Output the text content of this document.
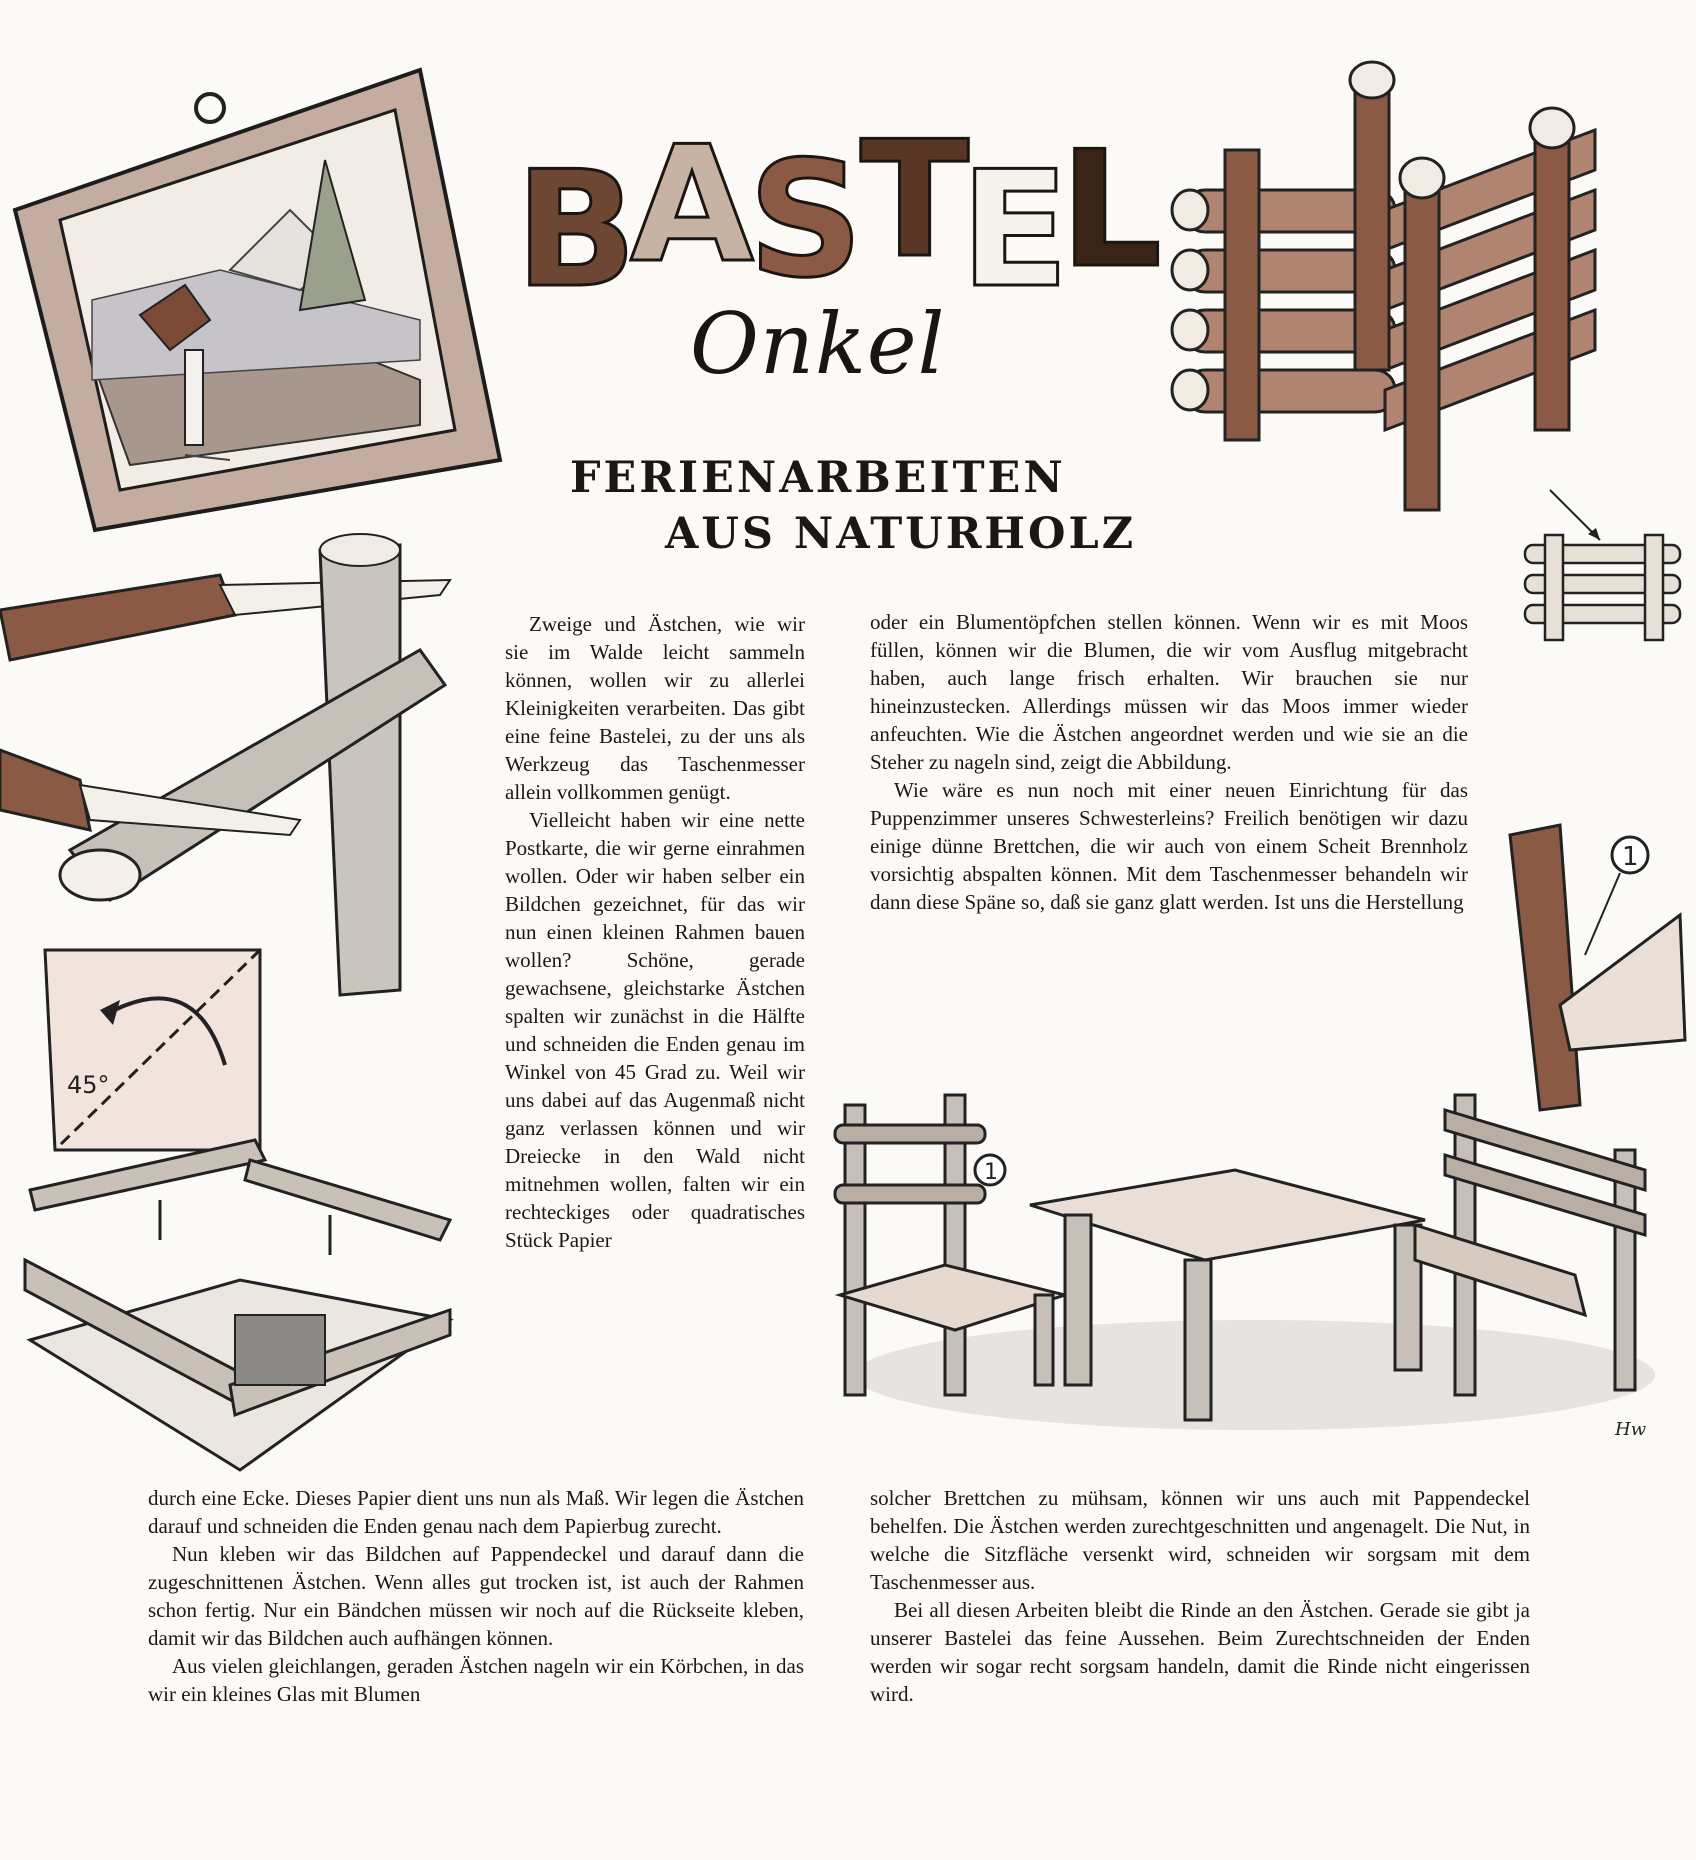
B
A
S
T
E
L
Onkel
FERIENARBEITEN
AUS NATURHOLZ
45°
1
1
Hw

Zweige und Ästchen, wie wir sie im Walde leicht sammeln können, wollen wir zu allerlei Kleinigkeiten verarbeiten. Das gibt eine feine Bastelei, zu der uns als Werkzeug das Taschenmesser allein vollkommen genügt.

Vielleicht haben wir eine nette Postkarte, die wir gerne einrahmen wollen. Oder wir haben selber ein Bildchen gezeichnet, für das wir nun einen kleinen Rahmen bauen wollen? Schöne, gerade gewachsene, gleichstarke Ästchen spalten wir zunächst in die Hälfte und schneiden die Enden genau im Winkel von 45 Grad zu. Weil wir uns dabei auf das Augenmaß nicht ganz verlassen können und wir Dreiecke in den Wald nicht mitnehmen wollen, falten wir ein rechteckiges oder quadratisches Stück Papier

durch eine Ecke. Dieses Papier dient uns nun als Maß. Wir legen die Ästchen darauf und schneiden die Enden genau nach dem Papierbug zurecht.

Nun kleben wir das Bildchen auf Pappendeckel und darauf dann die zugeschnittenen Ästchen. Wenn alles gut trocken ist, ist auch der Rahmen schon fertig. Nur ein Bändchen müssen wir noch auf die Rückseite kleben, damit wir das Bildchen auch aufhängen können.

Aus vielen gleichlangen, geraden Ästchen nageln wir ein Körbchen, in das wir ein kleines Glas mit Blumen

oder ein Blumentöpfchen stellen können. Wenn wir es mit Moos füllen, können wir die Blumen, die wir vom Ausflug mitgebracht haben, auch lange frisch erhalten. Wir brauchen sie nur hineinzustecken. Allerdings müssen wir das Moos immer wieder anfeuchten. Wie die Ästchen angeordnet werden und wie sie an die Steher zu nageln sind, zeigt die Abbildung.

Wie wäre es nun noch mit einer neuen Einrichtung für das Puppenzimmer unseres Schwesterleins? Freilich benötigen wir dazu einige dünne Brettchen, die wir auch von einem Scheit Brennholz vorsichtig abspalten können. Mit dem Taschenmesser behandeln wir dann diese Späne so, daß sie ganz glatt werden. Ist uns die Herstellung

solcher Brettchen zu mühsam, können wir uns auch mit Pappendeckel behelfen. Die Ästchen werden zurechtgeschnitten und angenagelt. Die Nut, in welche die Sitzfläche versenkt wird, schneiden wir sorgsam mit dem Taschenmesser aus.

Bei all diesen Arbeiten bleibt die Rinde an den Ästchen. Gerade sie gibt ja unserer Bastelei das feine Aussehen. Beim Zurechtschneiden der Enden werden wir sogar recht sorgsam handeln, damit die Rinde nicht eingerissen wird.
